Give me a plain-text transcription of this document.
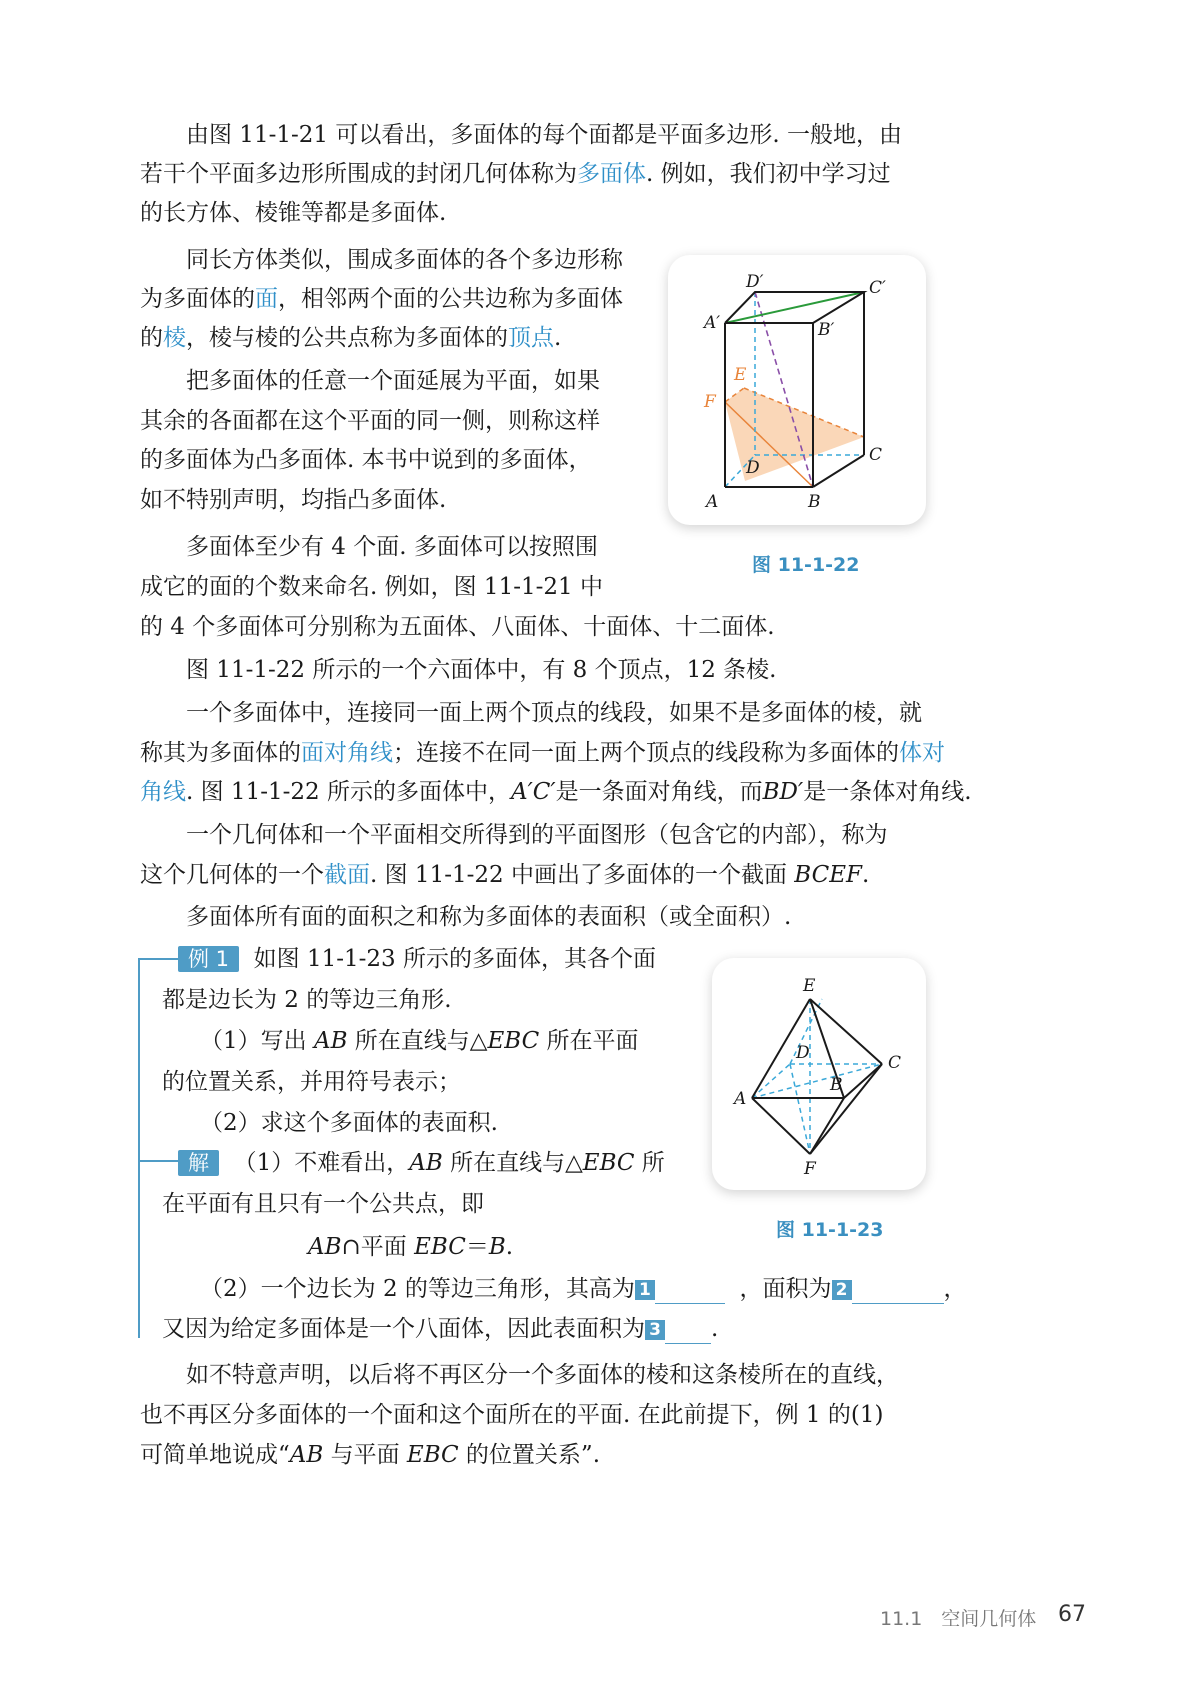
由图 11-1-21 可以看出，多面体的每个面都是平面多边形. 一般地，由
若干个平面多边形所围成的封闭几何体称为多面体. 例如，我们初中学习过
的长方体、棱锥等都是多面体.
同长方体类似，围成多面体的各个多边形称
为多面体的面，相邻两个面的公共边称为多面体
的棱，棱与棱的公共点称为多面体的顶点.
把多面体的任意一个面延展为平面，如果
其余的各面都在这个平面的同一侧，则称这样
的多面体为凸多面体. 本书中说到的多面体，
如不特别声明，均指凸多面体.
多面体至少有 4 个面. 多面体可以按照围
成它的面的个数来命名. 例如，图 11-1-21 中
的 4 个多面体可分别称为五面体、八面体、十面体、十二面体.
图 11-1-22 所示的一个六面体中，有 8 个顶点，12 条棱.
一个多面体中，连接同一面上两个顶点的线段，如果不是多面体的棱，就
称其为多面体的面对角线；连接不在同一面上两个顶点的线段称为多面体的体对
角线. 图 11-1-22 所示的多面体中，A′C′是一条面对角线，而BD′是一条体对角线.
一个几何体和一个平面相交所得到的平面图形（包含它的内部），称为
这个几何体的一个截面. 图 11-1-22 中画出了多面体的一个截面 BCEF.
多面体所有面的面积之和称为多面体的表面积（或全面积）.
例 1 如图 11-1-23 所示的多面体，其各个面
都是边长为 2 的等边三角形.
（1）写出 AB 所在直线与△EBC 所在平面
的位置关系，并用符号表示；
（2）求这个多面体的表面积.
解 （1）不难看出，AB 所在直线与△EBC 所
在平面有且只有一个公共点，即
AB∩平面 EBC＝B.
（2）一个边长为 2 的等边三角形，其高为 1	，面积为 2	，
又因为给定多面体是一个八面体，因此表面积为 3 .
如不特意声明，以后将不再区分一个多面体的棱和这条棱所在的直线，
也不再区分多面体的一个面和这个面所在的平面. 在此前提下，例 1 的(1)
可简单地说成“AB 与平面 EBC 的位置关系”.
D′	C′
A′	B′
E
F
D
C
A	B
图 11-1-22
E
D	C
B
A
F
图 11-1-23
11.1　空间几何体 67
